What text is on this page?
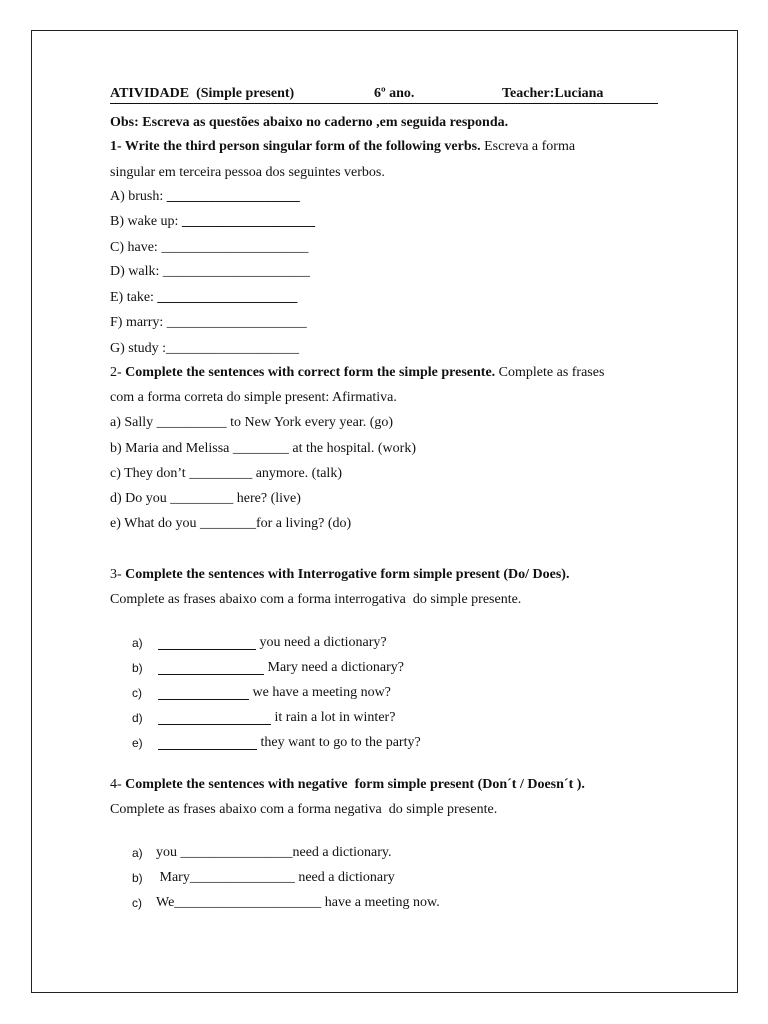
ATIVIDADE  (Simple present)	6º ano.	Teacher:Luciana
Obs: Escreva as questões abaixo no caderno ,em seguida responda.
1- Write the third person singular form of the following verbs. Escreva a forma
singular em terceira pessoa dos seguintes verbos.
A) brush: ___________________
B) wake up: ___________________
C) have: _____________________
D) walk: _____________________
E) take: ____________________
F) marry: ____________________
G) study :___________________
2- Complete the sentences with correct form the simple presente. Complete as frases
com a forma correta do simple present: Afirmativa.
a) Sally __________ to New York every year. (go)
b) Maria and Melissa ________ at the hospital. (work)
c) They don’t _________ anymore. (talk)
d) Do you _________ here? (live)
e) What do you ________for a living? (do)
3- Complete the sentences with Interrogative form simple present (Do/ Does).
Complete as frases abaixo com a forma interrogativa  do simple presente.
a)	you need a dictionary?
b)	Mary need a dictionary?
c)	we have a meeting now?
d)	it rain a lot in winter?
e)	they want to go to the party?
4- Complete the sentences with negative  form simple present (Don´t / Doesn´t ).
Complete as frases abaixo com a forma negativa  do simple presente.
a) you ________________need a dictionary.
b) Mary_______________ need a dictionary
c) We_____________________ have a meeting now.
